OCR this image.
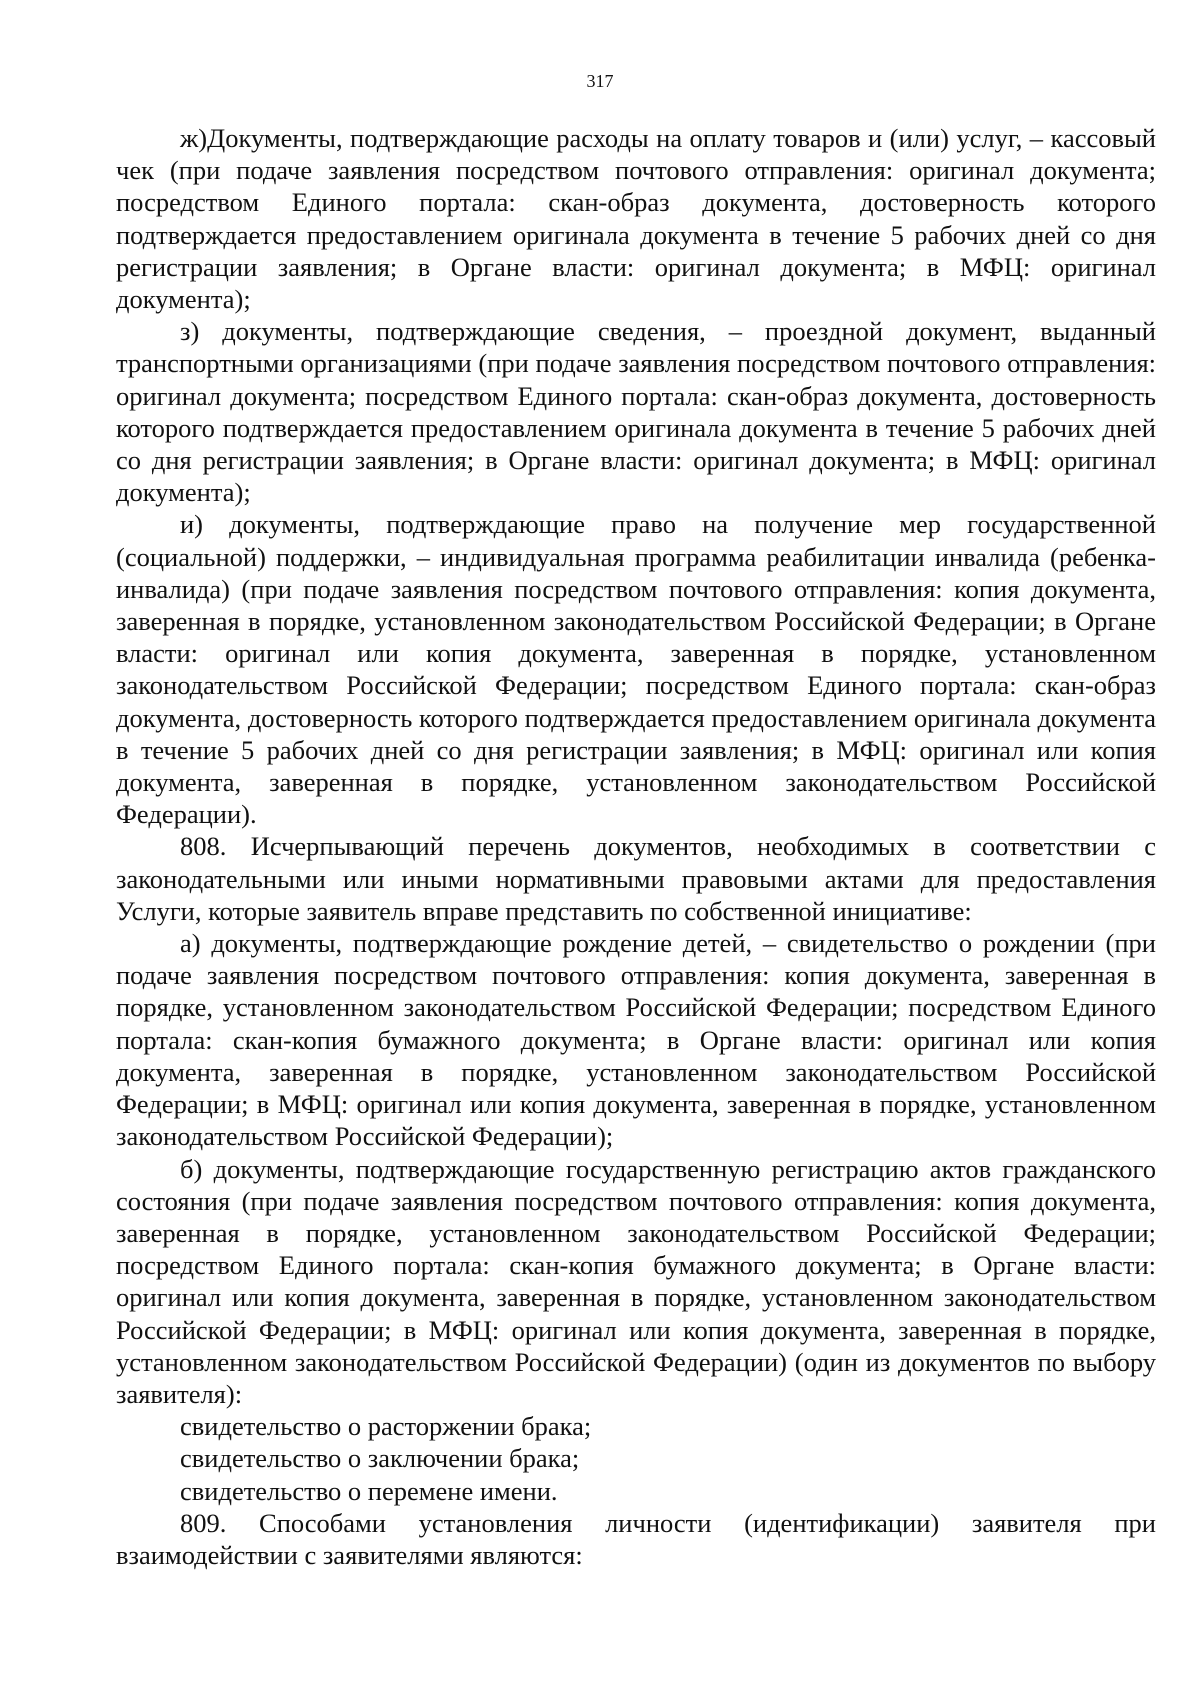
317

ж)Документы, подтверждающие расходы на оплату товаров и (или) услуг, – кассовый чек (при подаче заявления посредством почтового отправления: оригинал документа; посредством Единого портала: скан-образ документа, достоверность которого подтверждается предоставлением оригинала документа в течение 5 рабочих дней со дня регистрации заявления; в Органе власти: оригинал документа; в МФЦ: оригинал документа);

з) документы, подтверждающие сведения, – проездной документ, выданный транспортными организациями (при подаче заявления посредством почтового отправления: оригинал документа; посредством Единого портала: скан-образ документа, достоверность которого подтверждается предоставлением оригинала документа в течение 5 рабочих дней со дня регистрации заявления; в Органе власти: оригинал документа; в МФЦ: оригинал документа);

и) документы, подтверждающие право на получение мер государственной (социальной) поддержки, – индивидуальная программа реабилитации инвалида (ребенка-инвалида) (при подаче заявления посредством почтового отправления: копия документа, заверенная в порядке, установленном законодательством Российской Федерации; в Органе власти: оригинал или копия документа, заверенная в порядке, установленном законодательством Российской Федерации; посредством Единого портала: скан-образ документа, достоверность которого подтверждается предоставлением оригинала документа в течение 5 рабочих дней со дня регистрации заявления; в МФЦ: оригинал или копия документа, заверенная в порядке, установленном законодательством Российской Федерации).

808. Исчерпывающий перечень документов, необходимых в соответствии с законодательными или иными нормативными правовыми актами для предоставления Услуги, которые заявитель вправе представить по собственной инициативе:

а) документы, подтверждающие рождение детей, – свидетельство о рождении (при подаче заявления посредством почтового отправления: копия документа, заверенная в порядке, установленном законодательством Российской Федерации; посредством Единого портала: скан-копия бумажного документа; в Органе власти: оригинал или копия документа, заверенная в порядке, установленном законодательством Российской Федерации; в МФЦ: оригинал или копия документа, заверенная в порядке, установленном законодательством Российской Федерации);

б) документы, подтверждающие государственную регистрацию актов гражданского состояния (при подаче заявления посредством почтового отправления: копия документа, заверенная в порядке, установленном законодательством Российской Федерации; посредством Единого портала: скан-копия бумажного документа; в Органе власти: оригинал или копия документа, заверенная в порядке, установленном законодательством Российской Федерации; в МФЦ: оригинал или копия документа, заверенная в порядке, установленном законодательством Российской Федерации) (один из документов по выбору заявителя):

свидетельство о расторжении брака;

свидетельство о заключении брака;

свидетельство о перемене имени.

809. Способами установления личности (идентификации) заявителя при взаимодействии с заявителями являются:
